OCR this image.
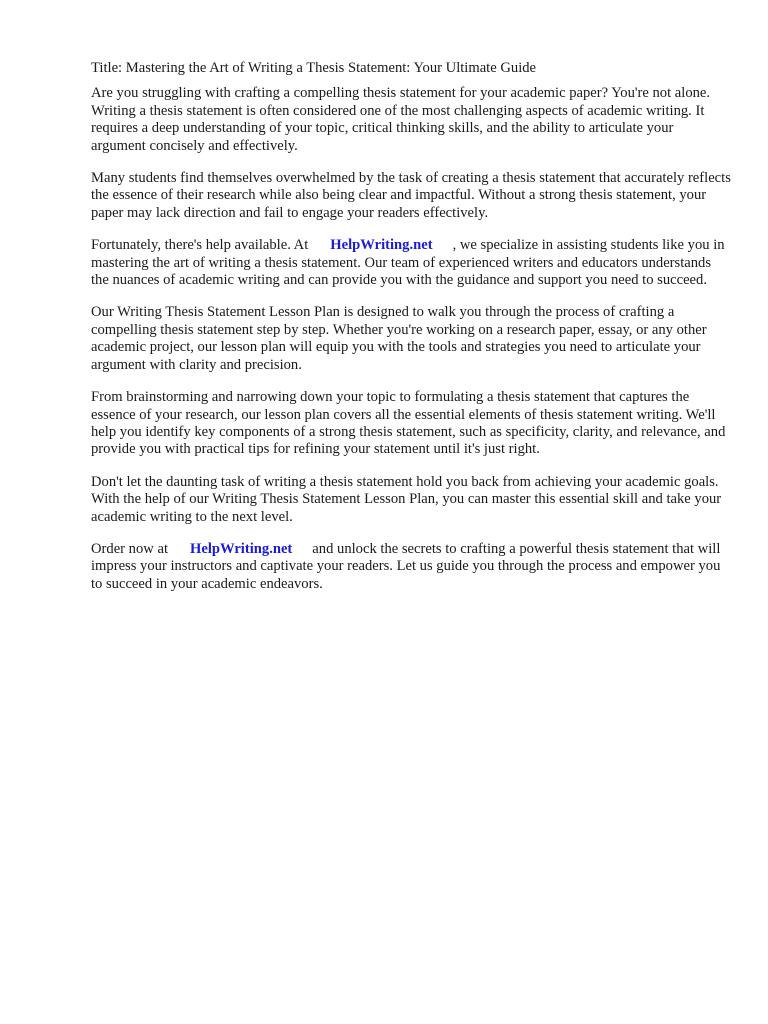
Title: Mastering the Art of Writing a Thesis Statement: Your Ultimate Guide

Are you struggling with crafting a compelling thesis statement for your academic paper? You're not alone. Writing a thesis statement is often considered one of the most challenging aspects of academic writing. It requires a deep understanding of your topic, critical thinking skills, and the ability to articulate your argument concisely and effectively.

Many students find themselves overwhelmed by the task of creating a thesis statement that accurately reflects the essence of their research while also being clear and impactful. Without a strong thesis statement, your paper may lack direction and fail to engage your readers effectively.

Fortunately, there's help available. At HelpWriting.net , we specialize in assisting students like you in mastering the art of writing a thesis statement. Our team of experienced writers and educators understands the nuances of academic writing and can provide you with the guidance and support you need to succeed.

Our Writing Thesis Statement Lesson Plan is designed to walk you through the process of crafting a compelling thesis statement step by step. Whether you're working on a research paper, essay, or any other academic project, our lesson plan will equip you with the tools and strategies you need to articulate your argument with clarity and precision.

From brainstorming and narrowing down your topic to formulating a thesis statement that captures the essence of your research, our lesson plan covers all the essential elements of thesis statement writing. We'll help you identify key components of a strong thesis statement, such as specificity, clarity, and relevance, and provide you with practical tips for refining your statement until it's just right.

Don't let the daunting task of writing a thesis statement hold you back from achieving your academic goals. With the help of our Writing Thesis Statement Lesson Plan, you can master this essential skill and take your academic writing to the next level.

Order now at HelpWriting.net and unlock the secrets to crafting a powerful thesis statement that will impress your instructors and captivate your readers. Let us guide you through the process and empower you to succeed in your academic endeavors.
